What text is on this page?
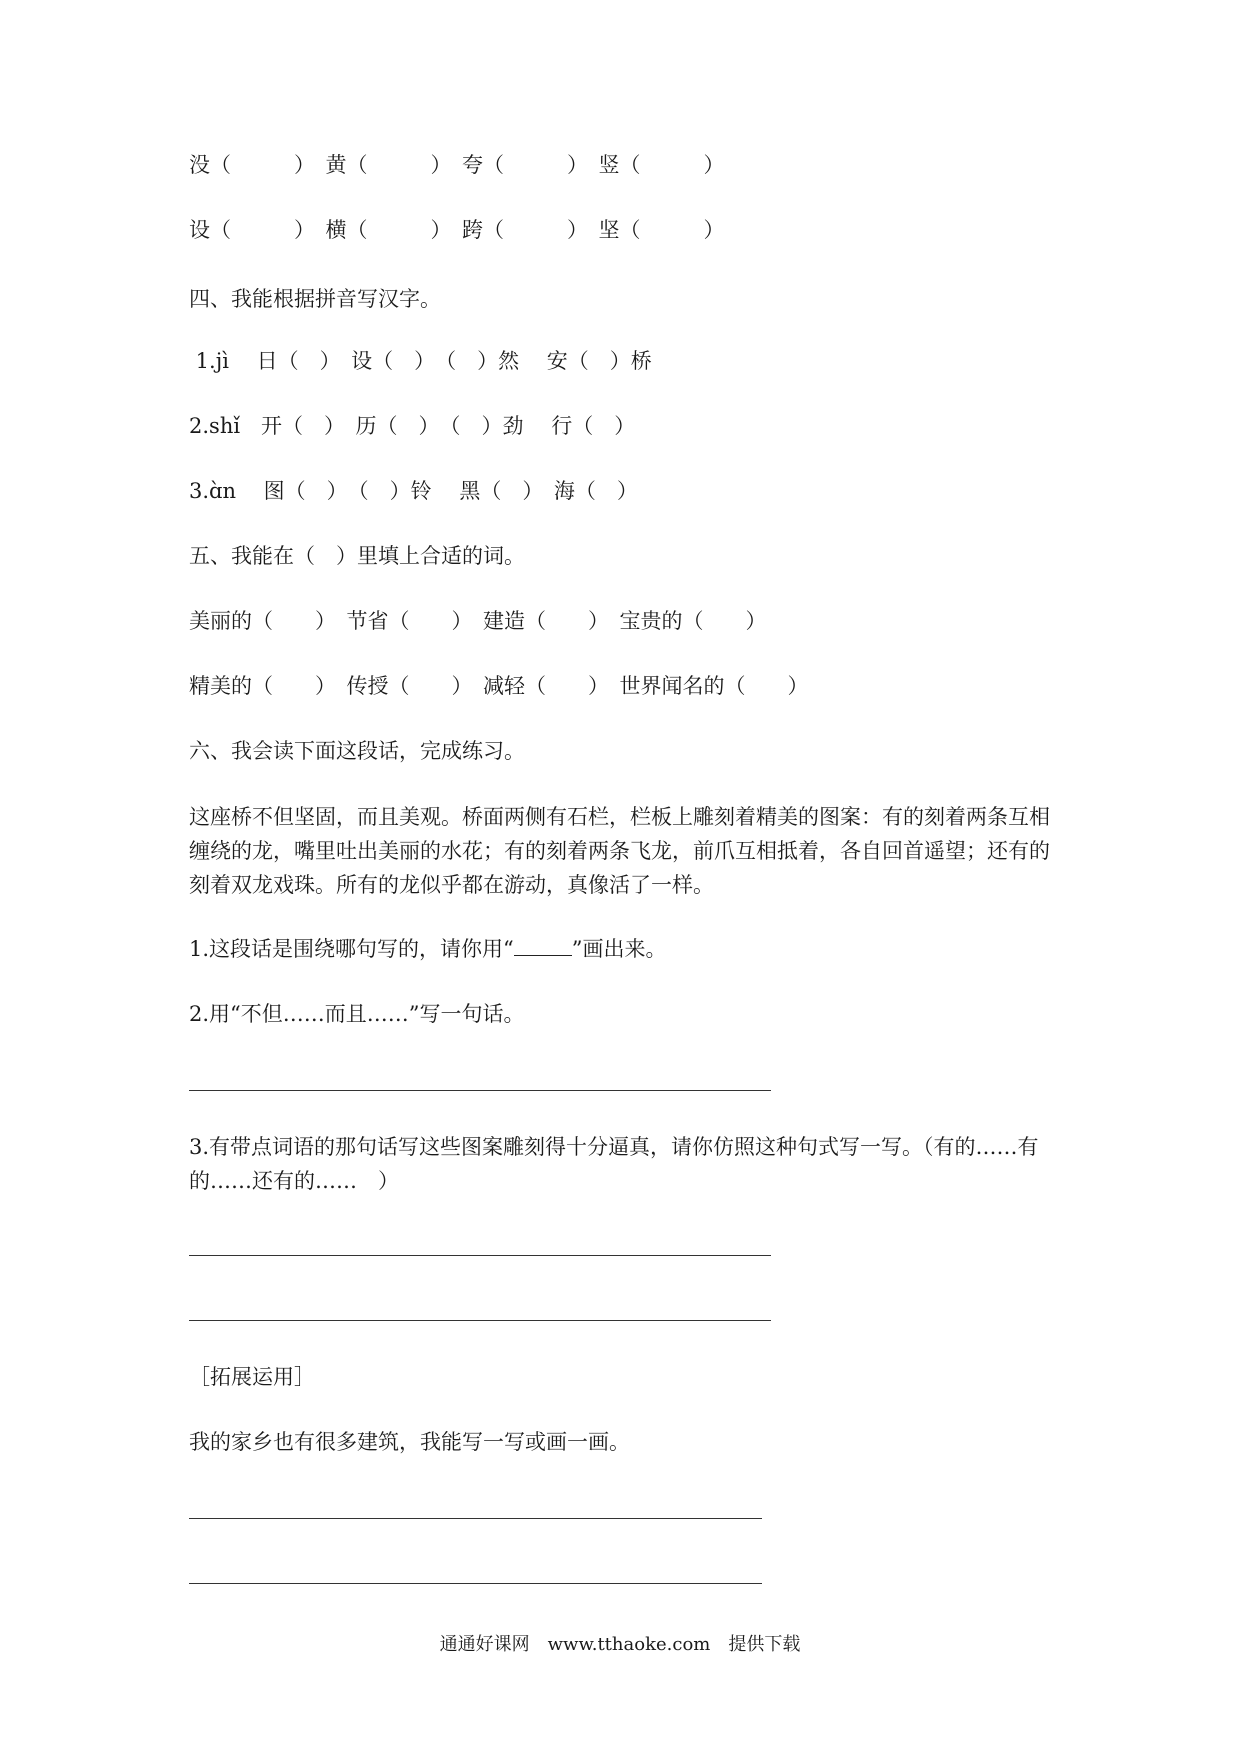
没（　　　）　黄（　　　）　夸（　　　）　竖（　　　）
设（　　　）　横（　　　）　跨（　　　）　坚（　　　）
四、我能根据拼音写汉字。
1.jì　 日（　）　设（　）　（　）然　 安（　）桥
2.shǐ　开（　）　历（　）　（　）劲　 行（　）
3.ɑ̀n　 图（　）　（　）铃　 黑（　）　海（　）
五、我能在（　）里填上合适的词。
美丽的（　　）　节省（　　）　建造（　　）　宝贵的（　　）
精美的（　　）　传授（　　）　减轻（　　）　世界闻名的（　　）
六、我会读下面这段话，完成练习。
这座桥不但坚固，而且美观。桥面两侧有石栏，栏板上雕刻着精美的图案：有的刻着两条互相缠绕的龙，嘴里吐出美丽的水花；有的刻着两条飞龙，前爪互相抵着，各自回首遥望；还有的刻着双龙戏珠。所有的龙似乎都在游动，真像活了一样。
1.这段话是围绕哪句写的，请你用“	”画出来。
2.用“不但……而且……”写一句话。
3.有带点词语的那句话写这些图案雕刻得十分逼真，请你仿照这种句式写一写。（有的……有的……还有的……　）
［拓展运用］
我的家乡也有很多建筑，我能写一写或画一画。
通通好课网　www.tthaoke.com　提供下载
